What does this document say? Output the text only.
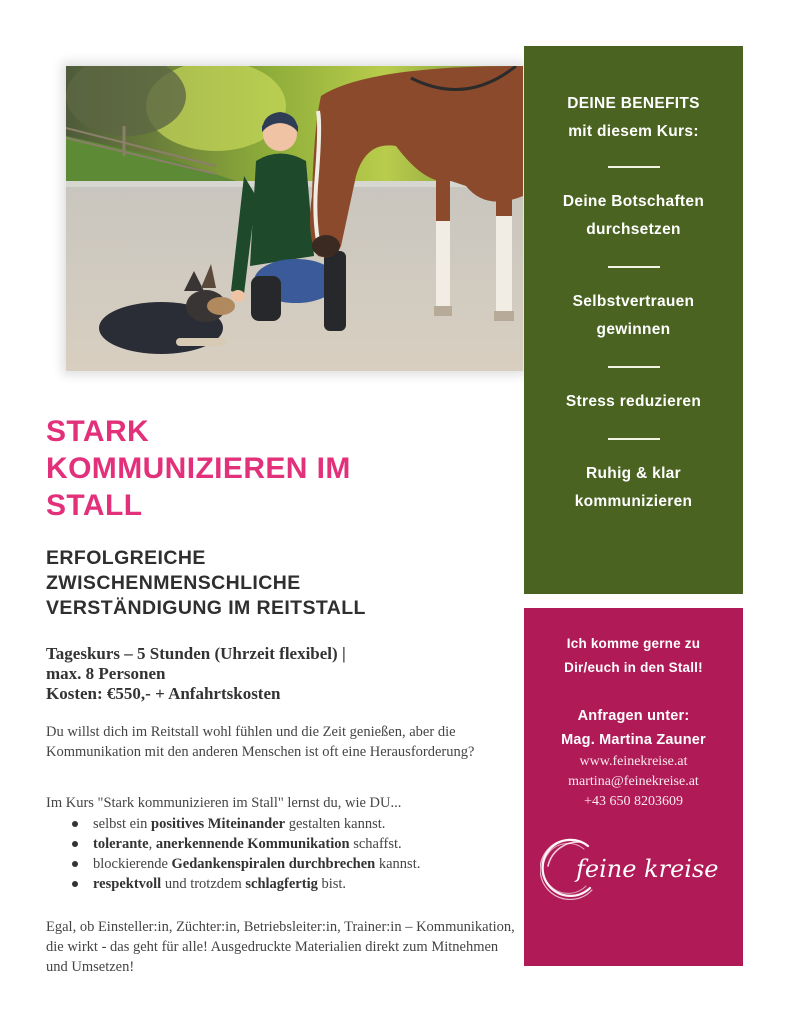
STARK
KOMMUNIZIEREN IM
STALL
ERFOLGREICHE
ZWISCHENMENSCHLICHE
VERSTÄNDIGUNG IM REITSTALL
Tageskurs – 5 Stunden (Uhrzeit flexibel) |
max. 8 Personen
Kosten: €550,- + Anfahrtskosten

Du willst dich im Reitstall wohl fühlen und die Zeit genießen, aber die Kommunikation mit den anderen Menschen ist oft eine Herausforderung?

Im Kurs "Stark kommunizieren im Stall" lernst du, wie DU...

selbst ein positives Miteinander gestalten kannst.
tolerante, anerkennende Kommunikation schaffst.
blockierende Gedankenspiralen durchbrechen kannst.
respektvoll und trotzdem schlagfertig bist.

Egal, ob Einsteller:in, Züchter:in, Betriebsleiter:in, Trainer:in – Kommunikation, die wirkt - das geht für alle! Ausgedruckte Materialien direkt zum Mitnehmen und Umsetzen!

DEINE BENEFITS
mit diesem Kurs:
Deine Botschaften
durchsetzen
Selbstvertrauen
gewinnen
Stress reduzieren
Ruhig & klar
kommunizieren
Ich komme gerne zu
Dir/euch in den Stall!
Anfragen unter:
Mag. Martina Zauner
www.feinekreise.at
martina@feinekreise.at
+43 650 8203609
feine kreise
